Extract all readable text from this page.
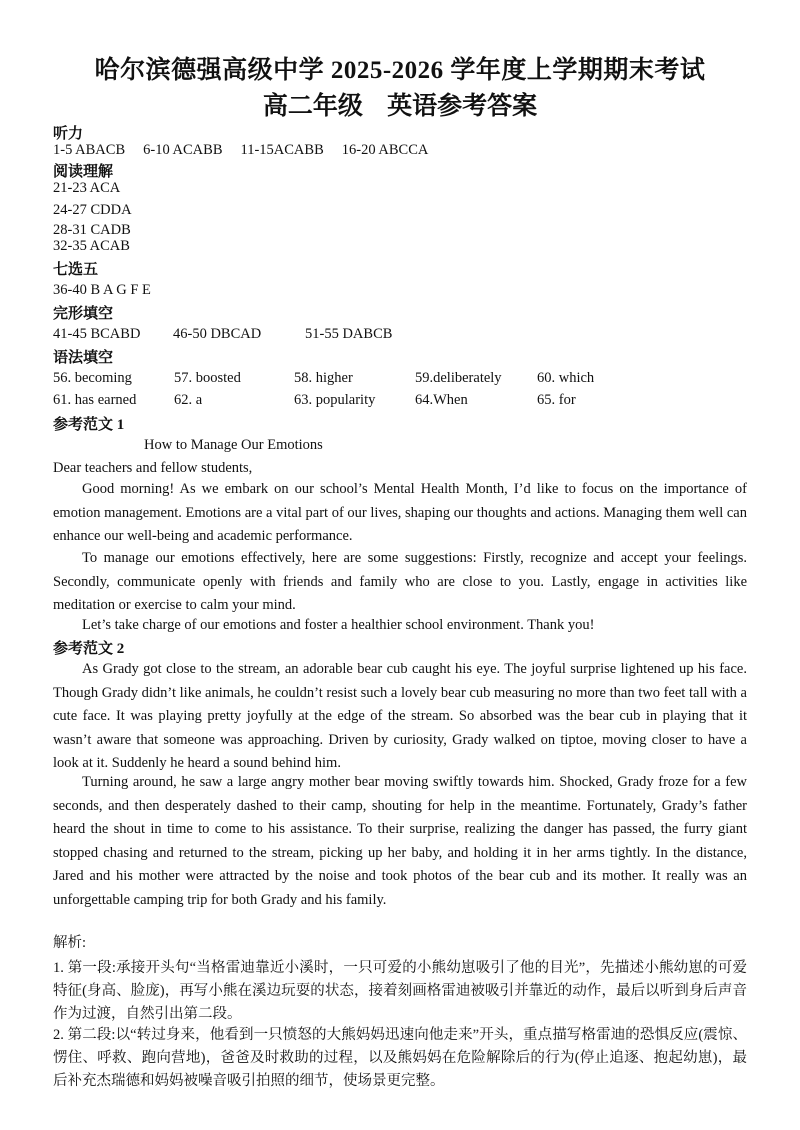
哈尔滨德强高级中学 2025-2026 学年度上学期期末考试
高二年级 英语参考答案
听力
1-5 ABACB 6-10 ACABB 11-15ACABB 16-20 ABCCA
阅读理解
21-23 ACA
24-27 CDDA
28-31 CADB
32-35 ACAB
七选五
36-40 B A G F E
完形填空
41-45 BCABD 46-50 DBCAD	51-55 DABCB
语法填空
56. becoming	57. boosted	58. higher	59.deliberately 60. which
61. has earned	62. a	63. popularity	64.When	65. for
参考范文 1
How to Manage Our Emotions
Dear teachers and fellow students,

Good morning! As we embark on our school’s Mental Health Month, I’d like to focus on the importance of emotion management. Emotions are a vital part of our lives, shaping our thoughts and actions. Managing them well can enhance our well-being and academic performance.

To manage our emotions effectively, here are some suggestions: Firstly, recognize and accept your feelings. Secondly, communicate openly with friends and family who are close to you. Lastly, engage in activities like meditation or exercise to calm your mind.

Let’s take charge of our emotions and foster a healthier school environment. Thank you!

参考范文 2

As Grady got close to the stream, an adorable bear cub caught his eye. The joyful surprise lightened up his face. Though Grady didn’t like animals, he couldn’t resist such a lovely bear cub measuring no more than two feet tall with a cute face. It was playing pretty joyfully at the edge of the stream. So absorbed was the bear cub in playing that it wasn’t aware that someone was approaching. Driven by curiosity, Grady walked on tiptoe, moving closer to have a look at it. Suddenly he heard a sound behind him.

Turning around, he saw a large angry mother bear moving swiftly towards him. Shocked, Grady froze for a few seconds, and then desperately dashed to their camp, shouting for help in the meantime. Fortunately, Grady’s father heard the shout in time to come to his assistance. To their surprise, realizing the danger has passed, the furry giant stopped chasing and returned to the stream, picking up her baby, and holding it in her arms tightly. In the distance, Jared and his mother were attracted by the noise and took photos of the bear cub and its mother. It really was an unforgettable camping trip for both Grady and his family.

解析:

1. 第一段:承接开头句“当格雷迪靠近小溪时，一只可爱的小熊幼崽吸引了他的目光”，先描述小熊幼崽的可爱特征(身高、脸庞)，再写小熊在溪边玩耍的状态，接着刻画格雷迪被吸引并靠近的动作，最后以听到身后声音作为过渡，自然引出第二段。

2. 第二段:以“转过身来，他看到一只愤怒的大熊妈妈迅速向他走来”开头，重点描写格雷迪的恐惧反应(震惊、愣住、呼救、跑向营地)，爸爸及时救助的过程，以及熊妈妈在危险解除后的行为(停止追逐、抱起幼崽)，最后补充杰瑞德和妈妈被噪音吸引拍照的细节，使场景更完整。
